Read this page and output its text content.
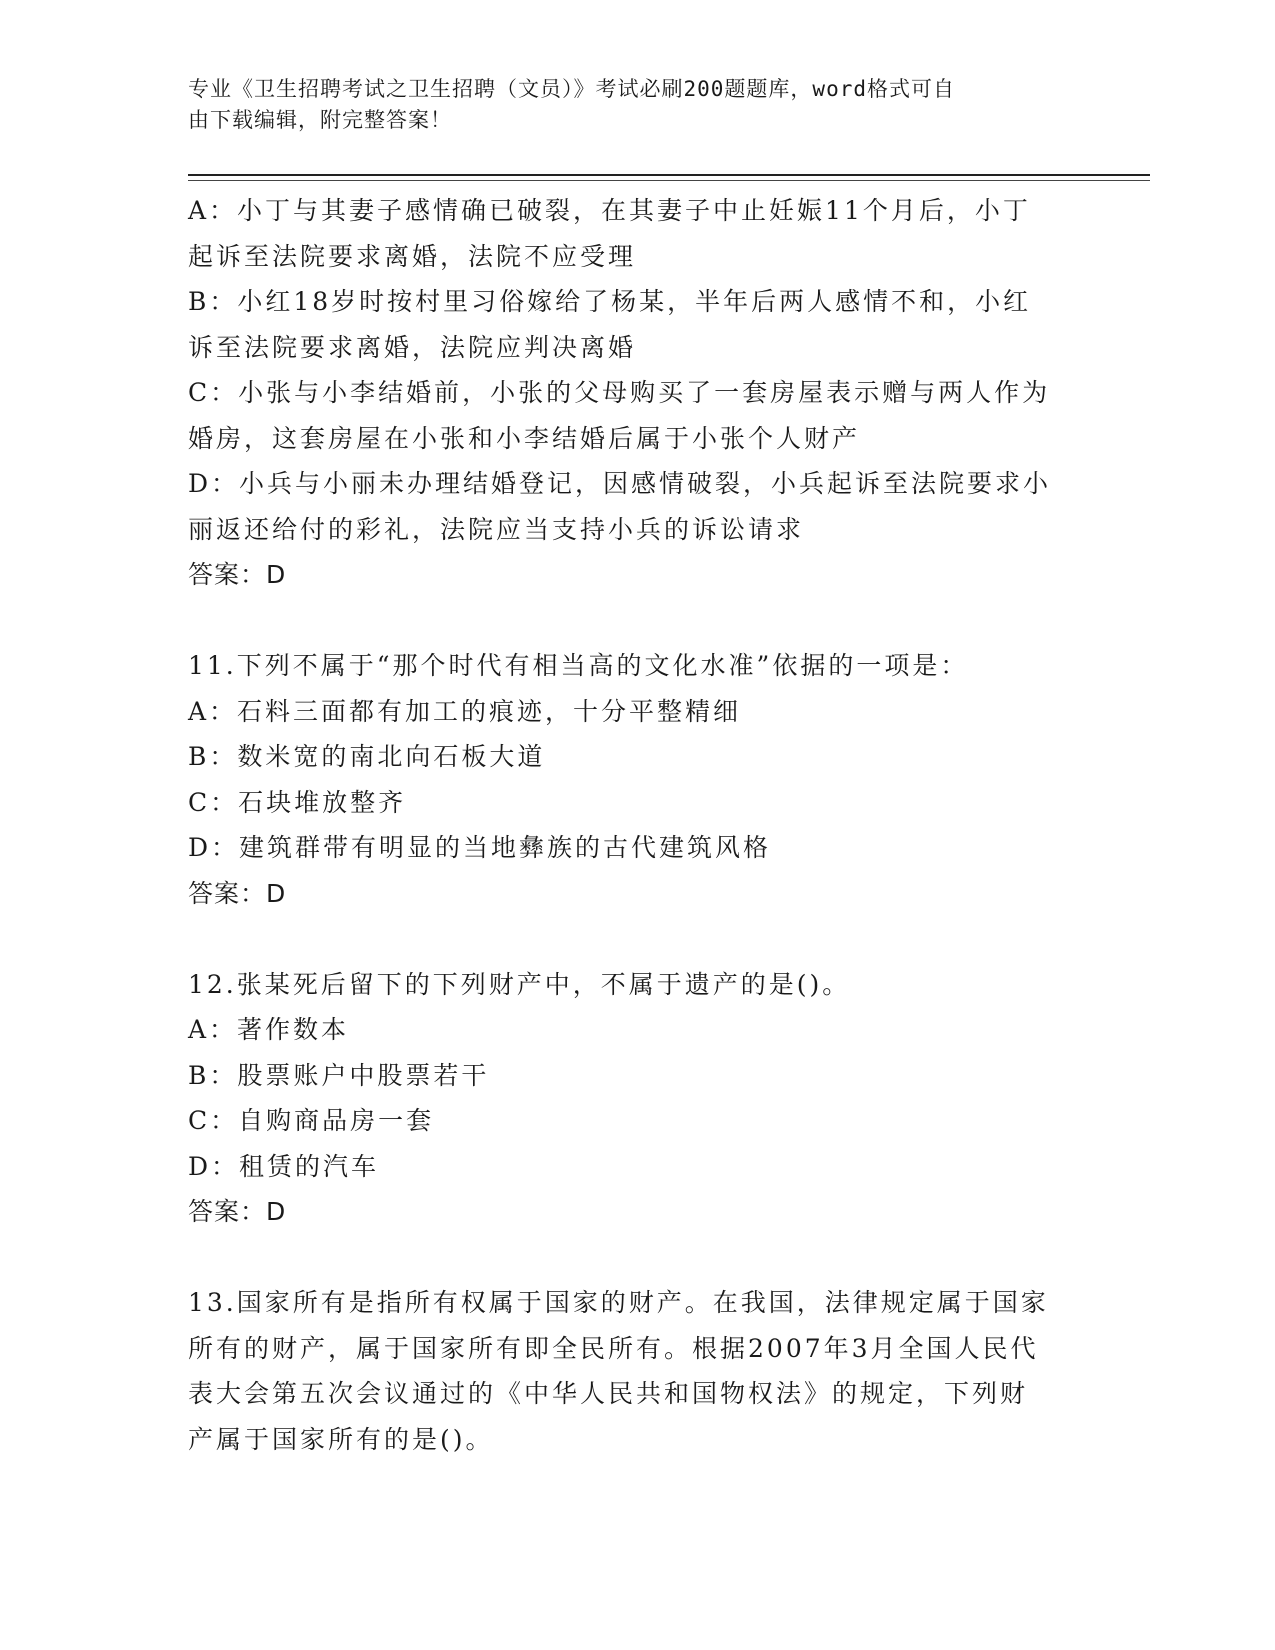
专业《卫生招聘考试之卫生招聘（文员）》考试必刷200题题库，word格式可自
由下载编辑，附完整答案！
A：小丁与其妻子感情确已破裂，在其妻子中止妊娠11个月后，小丁
起诉至法院要求离婚，法院不应受理
B：小红18岁时按村里习俗嫁给了杨某，半年后两人感情不和，小红
诉至法院要求离婚，法院应判决离婚
C：小张与小李结婚前，小张的父母购买了一套房屋表示赠与两人作为
婚房，这套房屋在小张和小李结婚后属于小张个人财产
D：小兵与小丽未办理结婚登记，因感情破裂，小兵起诉至法院要求小
丽返还给付的彩礼，法院应当支持小兵的诉讼请求
答案：D
11.下列不属于“那个时代有相当高的文化水准”依据的一项是：
A：石料三面都有加工的痕迹，十分平整精细
B：数米宽的南北向石板大道
C：石块堆放整齐
D：建筑群带有明显的当地彝族的古代建筑风格
答案：D
12.张某死后留下的下列财产中，不属于遗产的是()。
A：著作数本
B：股票账户中股票若干
C：自购商品房一套
D：租赁的汽车
答案：D
13.国家所有是指所有权属于国家的财产。在我国，法律规定属于国家
所有的财产，属于国家所有即全民所有。根据2007年3月全国人民代
表大会第五次会议通过的《中华人民共和国物权法》的规定，下列财
产属于国家所有的是()。
